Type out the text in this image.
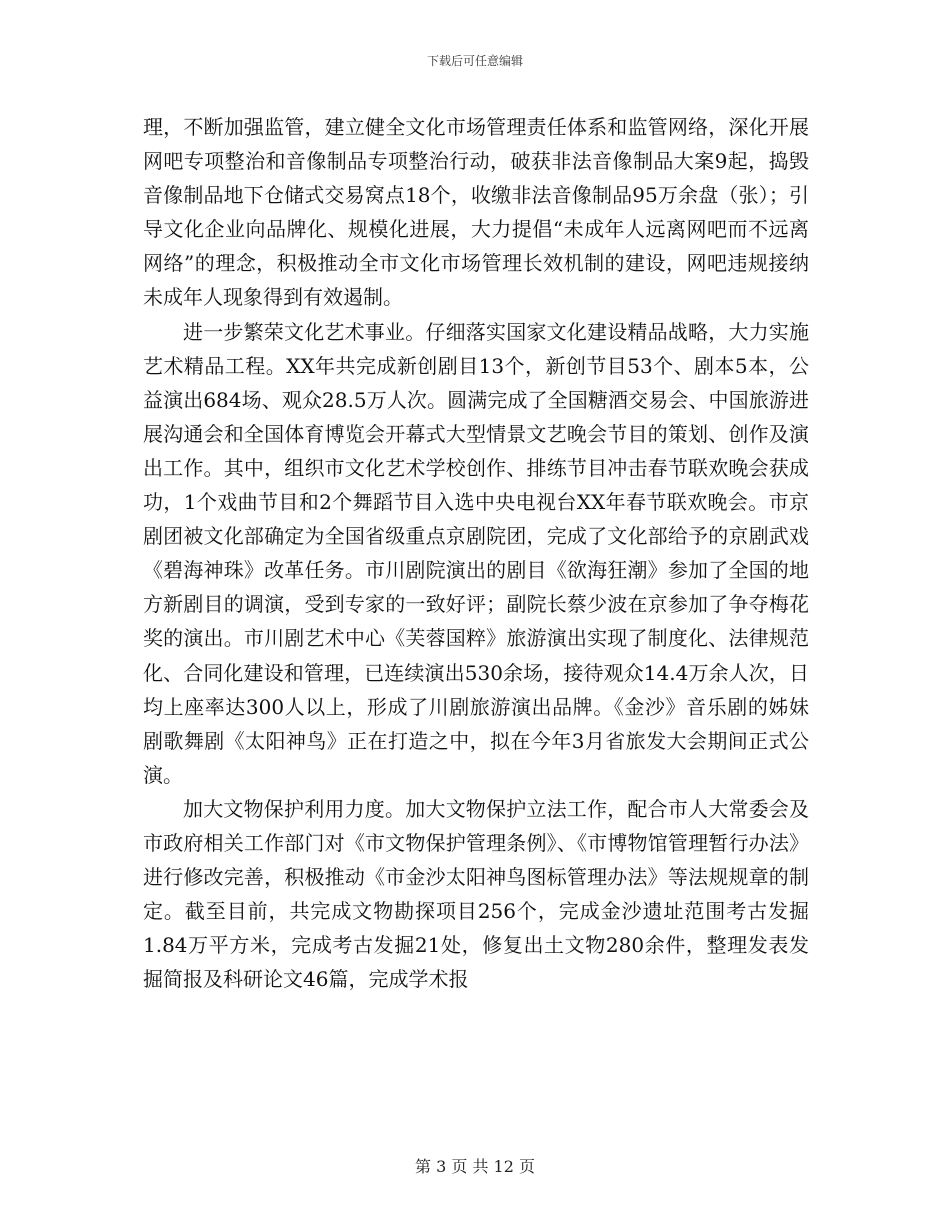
下载后可任意编辑

理，不断加强监管，建立健全文化市场管理责任体系和监管网络，深化开展网吧专项整治和音像制品专项整治行动，破获非法音像制品大案9起，捣毁音像制品地下仓储式交易窝点18个，收缴非法音像制品95万余盘（张）；引导文化企业向品牌化、规模化进展，大力提倡“未成年人远离网吧而不远离网络”的理念，积极推动全市文化市场管理长效机制的建设，网吧违规接纳未成年人现象得到有效遏制。

进一步繁荣文化艺术事业。仔细落实国家文化建设精品战略，大力实施艺术精品工程。XX年共完成新创剧目13个，新创节目53个、剧本5本，公益演出684场、观众28.5万人次。圆满完成了全国糖酒交易会、中国旅游进展沟通会和全国体育博览会开幕式大型情景文艺晚会节目的策划、创作及演出工作。其中，组织市文化艺术学校创作、排练节目冲击春节联欢晚会获成功，1个戏曲节目和2个舞蹈节目入选中央电视台XX年春节联欢晚会。市京剧团被文化部确定为全国省级重点京剧院团，完成了文化部给予的京剧武戏《碧海神珠》改革任务。市川剧院演出的剧目《欲海狂潮》参加了全国的地方新剧目的调演，受到专家的一致好评；副院长蔡少波在京参加了争夺梅花奖的演出。市川剧艺术中心《芙蓉国粹》旅游演出实现了制度化、法律规范化、合同化建设和管理，已连续演出530余场，接待观众14.4万余人次，日均上座率达300人以上，形成了川剧旅游演出品牌。《金沙》音乐剧的姊妹剧歌舞剧《太阳神鸟》正在打造之中，拟在今年3月省旅发大会期间正式公演。

加大文物保护利用力度。加大文物保护立法工作，配合市人大常委会及市政府相关工作部门对《市文物保护管理条例》、《市博物馆管理暂行办法》进行修改完善，积极推动《市金沙太阳神鸟图标管理办法》等法规规章的制定。截至目前，共完成文物勘探项目256个，完成金沙遗址范围考古发掘1.84万平方米，完成考古发掘21处，修复出土文物280余件，整理发表发掘简报及科研论文46篇，完成学术报

第 3 页 共 12 页
